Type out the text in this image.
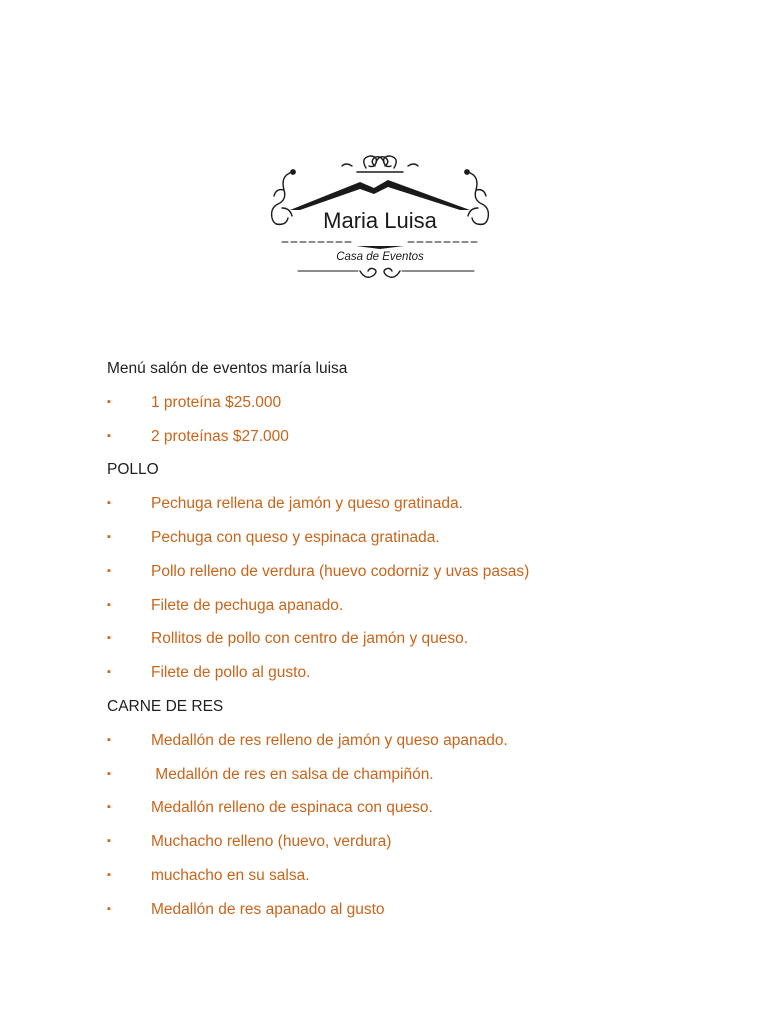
Maria Luisa
Casa de Eventos
Menú salón de eventos maría luisa
▪	1 proteína $25.000
▪	2 proteínas $27.000
POLLO
▪	Pechuga rellena de jamón y queso gratinada.
▪	Pechuga con queso y espinaca gratinada.
▪	Pollo relleno de verdura (huevo codorniz y uvas pasas)
▪	Filete de pechuga apanado.
▪	Rollitos de pollo con centro de jamón y queso.
▪	Filete de pollo al gusto.
CARNE DE RES
▪	Medallón de res relleno de jamón y queso apanado.
▪	Medallón de res en salsa de champiñón.
▪	Medallón relleno de espinaca con queso.
▪	Muchacho relleno (huevo, verdura)
▪	muchacho en su salsa.
▪	Medallón de res apanado al gusto
